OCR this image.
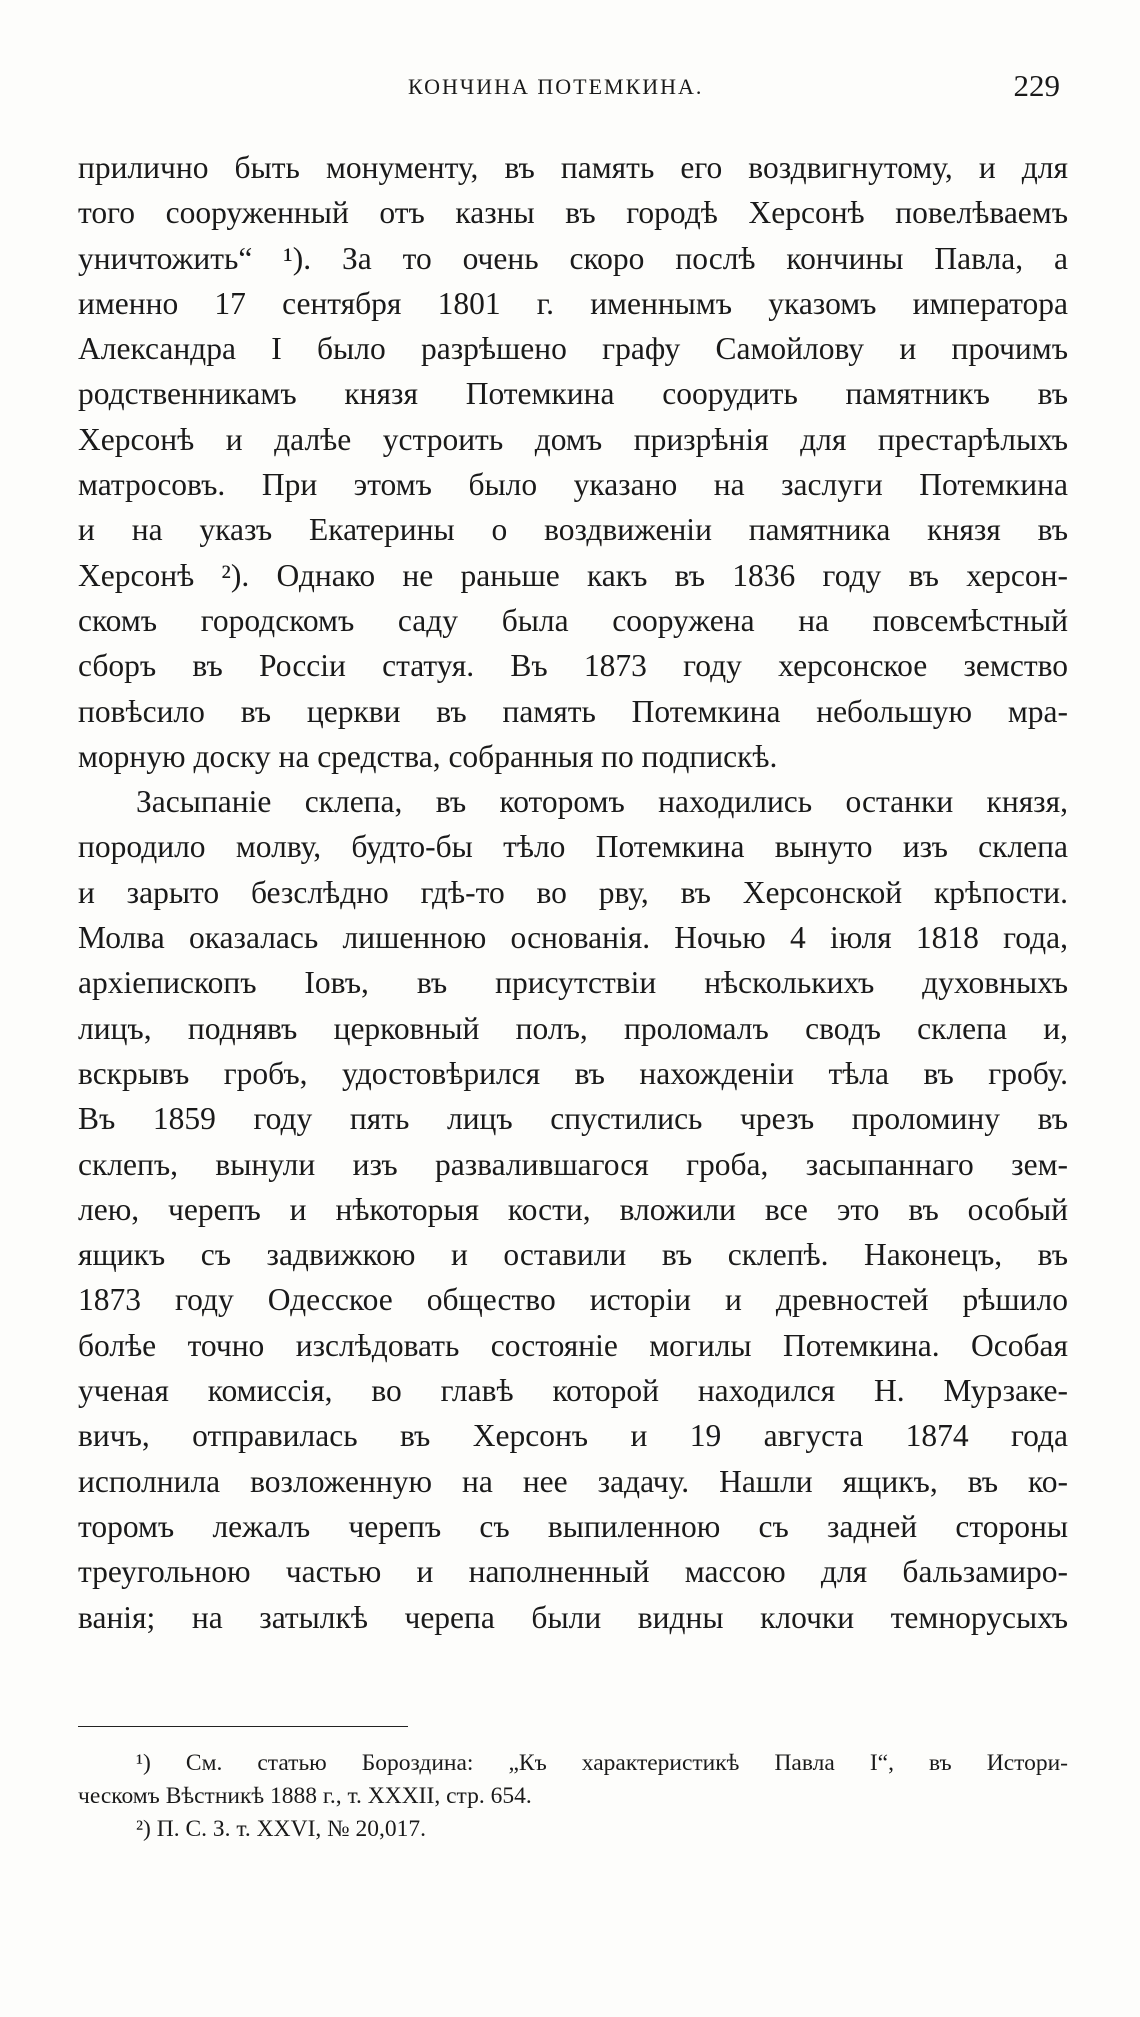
КОНЧИНА ПОТЕМКИНА.	229
прилично быть монументу, въ память его воздвигнутому, и для
того сооруженный отъ казны въ городѣ Херсонѣ повелѣваемъ
уничтожить“ ¹). За то очень скоро послѣ кончины Павла, а
именно 17 сентября 1801 г. именнымъ указомъ императора
Александра I было разрѣшено графу Самойлову и прочимъ
родственникамъ князя Потемкина соорудить памятникъ въ
Херсонѣ и далѣе устроить домъ призрѣнія для престарѣлыхъ
матросовъ. При этомъ было указано на заслуги Потемкина
и на указъ Екатерины о воздвиженіи памятника князя въ
Херсонѣ ²). Однако не раньше какъ въ 1836 году въ херсон-
скомъ городскомъ саду была сооружена на повсемѣстный
сборъ въ Россіи статуя. Въ 1873 году херсонское земство
повѣсило въ церкви въ память Потемкина небольшую мра-
морную доску на средства, собранныя по подпискѣ.
Засыпаніе склепа, въ которомъ находились останки князя,
породило молву, будто-бы тѣло Потемкина вынуто изъ склепа
и зарыто безслѣдно гдѣ-то во рву, въ Херсонской крѣпости.
Молва оказалась лишенною основанія. Ночью 4 іюля 1818 года,
архіепископъ Іовъ, въ присутствіи нѣсколькихъ духовныхъ
лицъ, поднявъ церковный полъ, проломалъ сводъ склепа и,
вскрывъ гробъ, удостовѣрился въ нахожденіи тѣла въ гробу.
Въ 1859 году пять лицъ спустились чрезъ проломину въ
склепъ, вынули изъ развалившагося гроба, засыпаннаго зем-
лею, черепъ и нѣкоторыя кости, вложили все это въ особый
ящикъ съ задвижкою и оставили въ склепѣ. Наконецъ, въ
1873 году Одесское общество исторіи и древностей рѣшило
болѣе точно изслѣдовать состояніе могилы Потемкина. Особая
ученая комиссія, во главѣ которой находился Н. Мурзаке-
вичъ, отправилась въ Херсонъ и 19 августа 1874 года
исполнила возложенную на нее задачу. Нашли ящикъ, въ ко-
торомъ лежалъ черепъ съ выпиленною съ задней стороны
треугольною частью и наполненный массою для бальзамиро-
ванія; на затылкѣ черепа были видны клочки темнорусыхъ
¹) См. статью Бороздина: „Къ характеристикѣ Павла I“, въ Истори-
ческомъ Вѣстникѣ 1888 г., т. XXXII, стр. 654.
²) П. С. З. т. XXVI, № 20,017.
